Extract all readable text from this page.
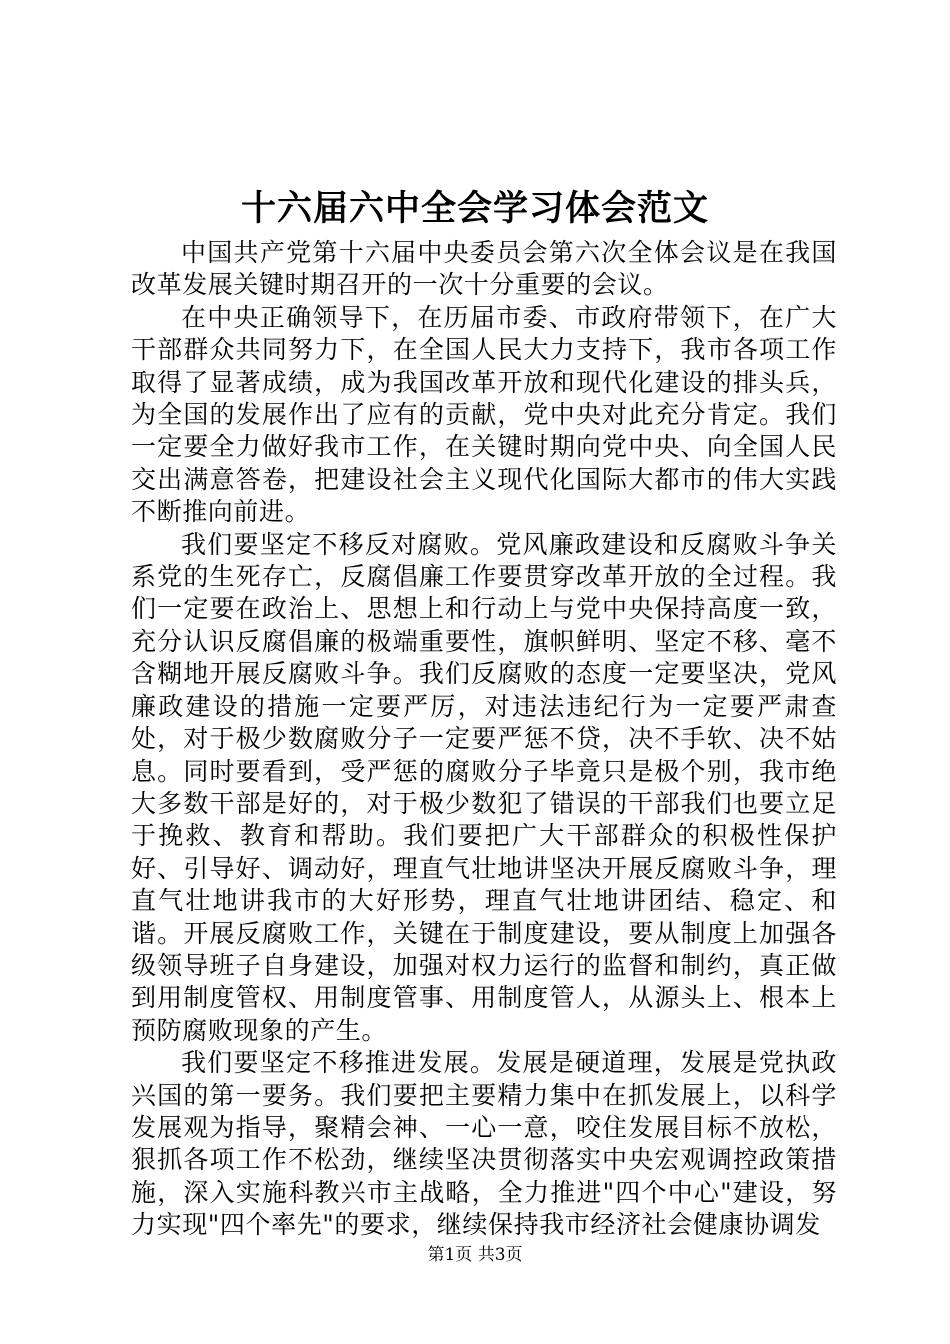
十六届六中全会学习体会范文

中国共产党第十六届中央委员会第六次全体会议是在我国改革发展关键时期召开的一次十分重要的会议。

在中央正确领导下，在历届市委、市政府带领下，在广大干部群众共同努力下，在全国人民大力支持下，我市各项工作取得了显著成绩，成为我国改革开放和现代化建设的排头兵，为全国的发展作出了应有的贡献，党中央对此充分肯定。我们一定要全力做好我市工作，在关键时期向党中央、向全国人民交出满意答卷，把建设社会主义现代化国际大都市的伟大实践不断推向前进。

我们要坚定不移反对腐败。党风廉政建设和反腐败斗争关系党的生死存亡，反腐倡廉工作要贯穿改革开放的全过程。我们一定要在政治上、思想上和行动上与党中央保持高度一致，充分认识反腐倡廉的极端重要性，旗帜鲜明、坚定不移、毫不含糊地开展反腐败斗争。我们反腐败的态度一定要坚决，党风廉政建设的措施一定要严厉，对违法违纪行为一定要严肃查处，对于极少数腐败分子一定要严惩不贷，决不手软、决不姑息。同时要看到，受严惩的腐败分子毕竟只是极个别，我市绝大多数干部是好的，对于极少数犯了错误的干部我们也要立足于挽救、教育和帮助。我们要把广大干部群众的积极性保护好、引导好、调动好，理直气壮地讲坚决开展反腐败斗争，理直气壮地讲我市的大好形势，理直气壮地讲团结、稳定、和谐。开展反腐败工作，关键在于制度建设，要从制度上加强各级领导班子自身建设，加强对权力运行的监督和制约，真正做到用制度管权、用制度管事、用制度管人，从源头上、根本上预防腐败现象的产生。

我们要坚定不移推进发展。发展是硬道理，发展是党执政兴国的第一要务。我们要把主要精力集中在抓发展上，以科学发展观为指导，聚精会神、一心一意，咬住发展目标不放松，狠抓各项工作不松劲，继续坚决贯彻落实中央宏观调控政策措施，深入实施科教兴市主战略，全力推进"四个中心"建设，努力实现"四个率先"的要求，继续保持我市经济社会健康协调发

第1页 共3页
